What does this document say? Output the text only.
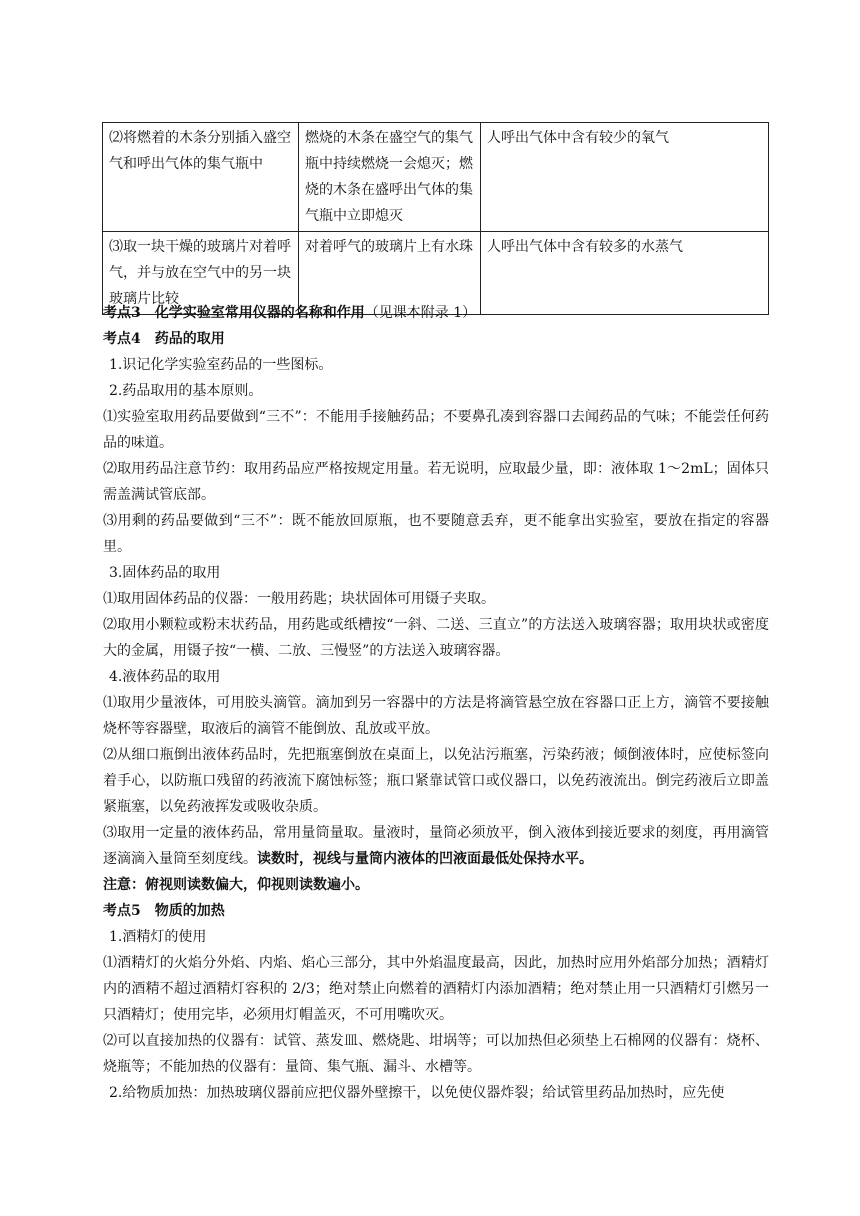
⑵将燃着的木条分别插入盛空气和呼出气体的集气瓶中	燃烧的木条在盛空气的集气瓶中持续燃烧一会熄灭；燃烧的木条在盛呼出气体的集气瓶中立即熄灭	人呼出气体中含有较少的氧气
⑶取一块干燥的玻璃片对着呼气，并与放在空气中的另一块玻璃片比较	对着呼气的玻璃片上有水珠	人呼出气体中含有较多的水蒸气

考点3　化学实验室常用仪器的名称和作用（见课本附录 1）

考点4　药品的取用

1.识记化学实验室药品的一些图标。

2.药品取用的基本原则。

⑴实验室取用药品要做到“三不”：不能用手接触药品；不要鼻孔凑到容器口去闻药品的气味；不能尝任何药品的味道。

⑵取用药品注意节约：取用药品应严格按规定用量。若无说明，应取最少量，即：液体取 1～2mL；固体只需盖满试管底部。

⑶用剩的药品要做到“三不”：既不能放回原瓶，也不要随意丢弃，更不能拿出实验室，要放在指定的容器里。

3.固体药品的取用

⑴取用固体药品的仪器：一般用药匙；块状固体可用镊子夹取。

⑵取用小颗粒或粉末状药品，用药匙或纸槽按“一斜、二送、三直立”的方法送入玻璃容器；取用块状或密度大的金属，用镊子按“一横、二放、三慢竖”的方法送入玻璃容器。

4.液体药品的取用

⑴取用少量液体，可用胶头滴管。滴加到另一容器中的方法是将滴管悬空放在容器口正上方，滴管不要接触烧杯等容器壁，取液后的滴管不能倒放、乱放或平放。

⑵从细口瓶倒出液体药品时，先把瓶塞倒放在桌面上，以免沾污瓶塞，污染药液；倾倒液体时，应使标签向着手心，以防瓶口残留的药液流下腐蚀标签；瓶口紧靠试管口或仪器口，以免药液流出。倒完药液后立即盖紧瓶塞，以免药液挥发或吸收杂质。

⑶取用一定量的液体药品，常用量筒量取。量液时，量筒必须放平，倒入液体到接近要求的刻度，再用滴管逐滴滴入量筒至刻度线。读数时，视线与量筒内液体的凹液面最低处保持水平。

注意：俯视则读数偏大，仰视则读数遍小。

考点5　物质的加热

1.酒精灯的使用

⑴酒精灯的火焰分外焰、内焰、焰心三部分，其中外焰温度最高，因此，加热时应用外焰部分加热；酒精灯内的酒精不超过酒精灯容积的 2/3；绝对禁止向燃着的酒精灯内添加酒精；绝对禁止用一只酒精灯引燃另一只酒精灯；使用完毕，必须用灯帽盖灭，不可用嘴吹灭。

⑵可以直接加热的仪器有：试管、蒸发皿、燃烧匙、坩埚等；可以加热但必须垫上石棉网的仪器有：烧杯、烧瓶等；不能加热的仪器有：量筒、集气瓶、漏斗、水槽等。

2.给物质加热：加热玻璃仪器前应把仪器外壁擦干，以免使仪器炸裂；给试管里药品加热时，应先使
